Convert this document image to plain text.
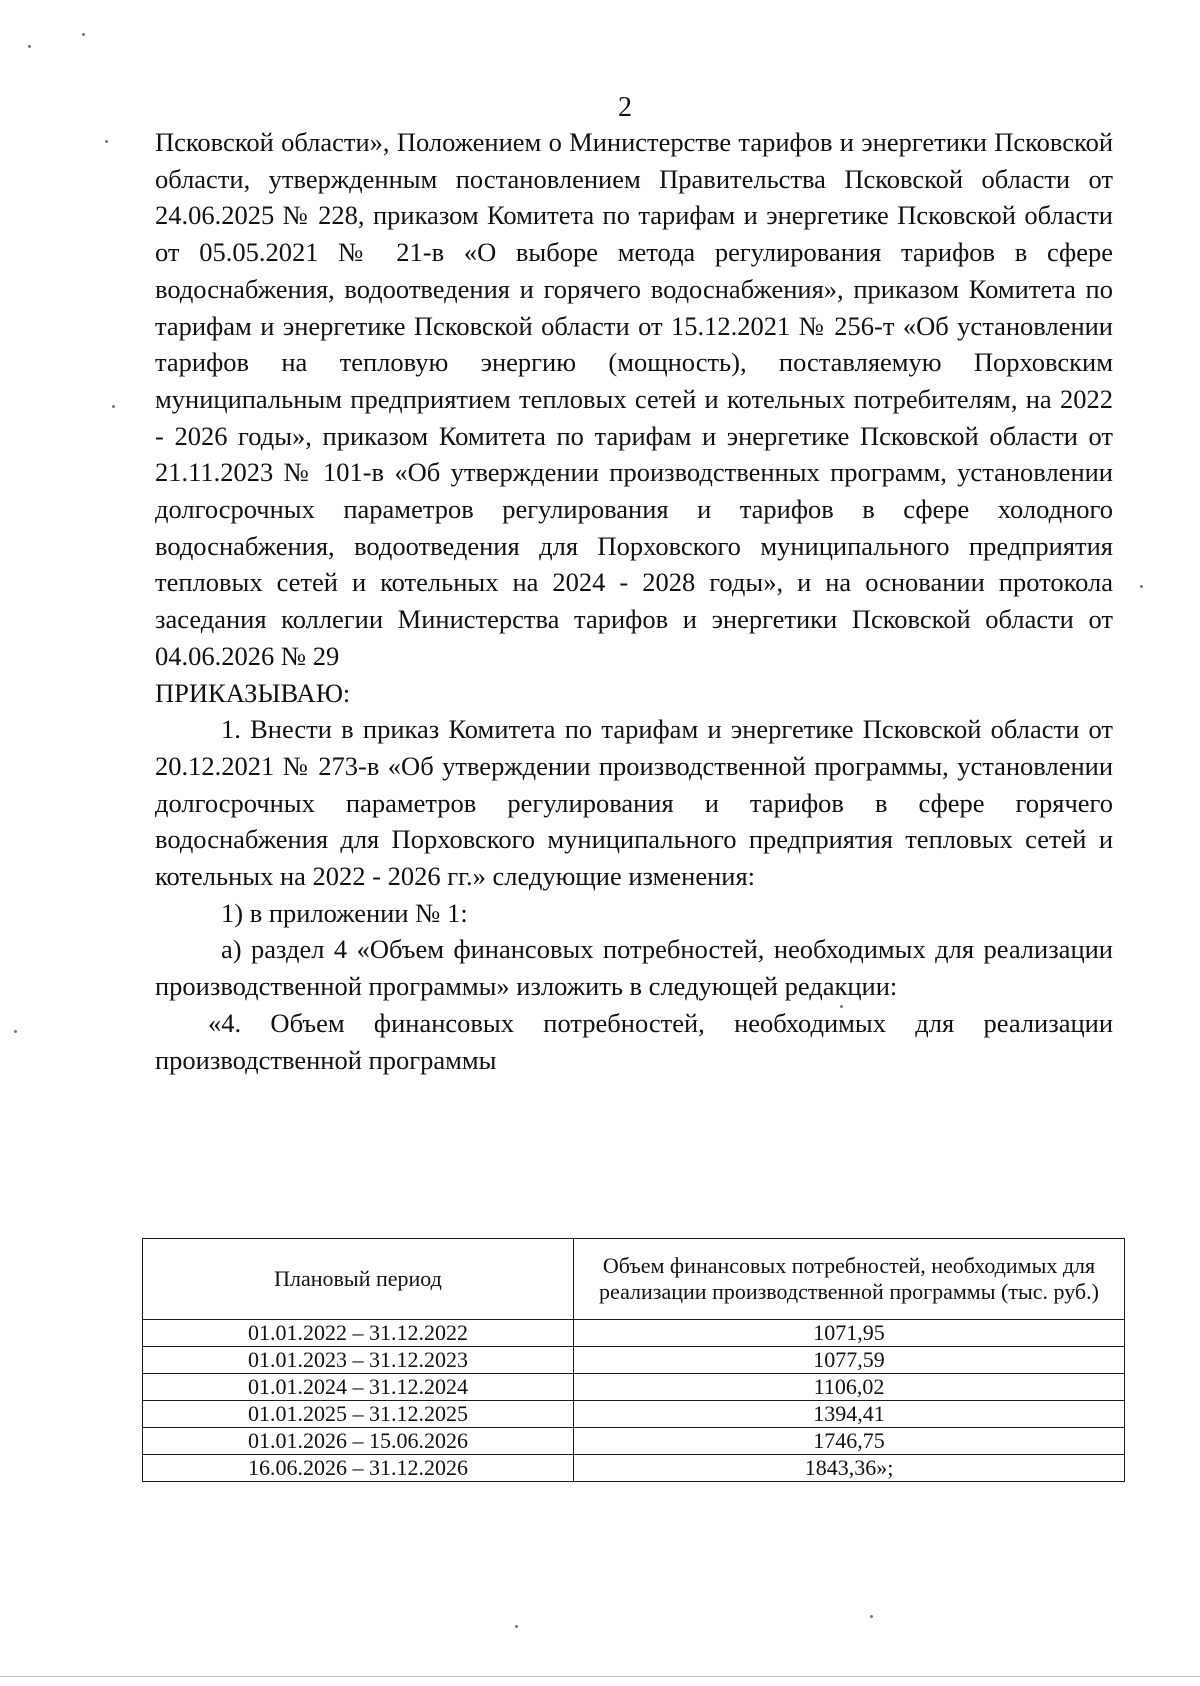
2

Псковской области», Положением о Министерстве тарифов и энергетики Псковской области, утвержденным постановлением Правительства Псковской области от 24.06.2025 № 228, приказом Комитета по тарифам и энергетике Псковской области от 05.05.2021 № 21-в «О выборе метода регулирования тарифов в сфере водоснабжения, водоотведения и горячего водоснабжения», приказом Комитета по тарифам и энергетике Псковской области от 15.12.2021 № 256-т «Об установлении тарифов на тепловую энергию (мощность), поставляемую Порховским муниципальным предприятием тепловых сетей и котельных потребителям, на 2022 - 2026 годы», приказом Комитета по тарифам и энергетике Псковской области от 21.11.2023 № 101-в «Об утверждении производственных программ, установлении долгосрочных параметров регулирования и тарифов в сфере холодного водоснабжения, водоотведения для Порховского муниципального предприятия тепловых сетей и котельных на 2024 - 2028 годы», и на основании протокола заседания коллегии Министерства тарифов и энергетики Псковской области от 04.06.2026 № 29

ПРИКАЗЫВАЮ:

1. Внести в приказ Комитета по тарифам и энергетике Псковской области от 20.12.2021 № 273-в «Об утверждении производственной программы, установлении долгосрочных параметров регулирования и тарифов в сфере горячего водоснабжения для Порховского муниципального предприятия тепловых сетей и котельных на 2022 - 2026 гг.» следующие изменения:

1) в приложении № 1:

а) раздел 4 «Объем финансовых потребностей, необходимых для реализации производственной программы» изложить в следующей редакции:

«4. Объем финансовых потребностей, необходимых для реализации производственной программы

Плановый период	Объем финансовых потребностей, необходимых для реализации производственной программы (тыс. руб.)
01.01.2022 – 31.12.2022	1071,95
01.01.2023 – 31.12.2023	1077,59
01.01.2024 – 31.12.2024	1106,02
01.01.2025 – 31.12.2025	1394,41
01.01.2026 – 15.06.2026	1746,75
16.06.2026 – 31.12.2026	1843,36»;
